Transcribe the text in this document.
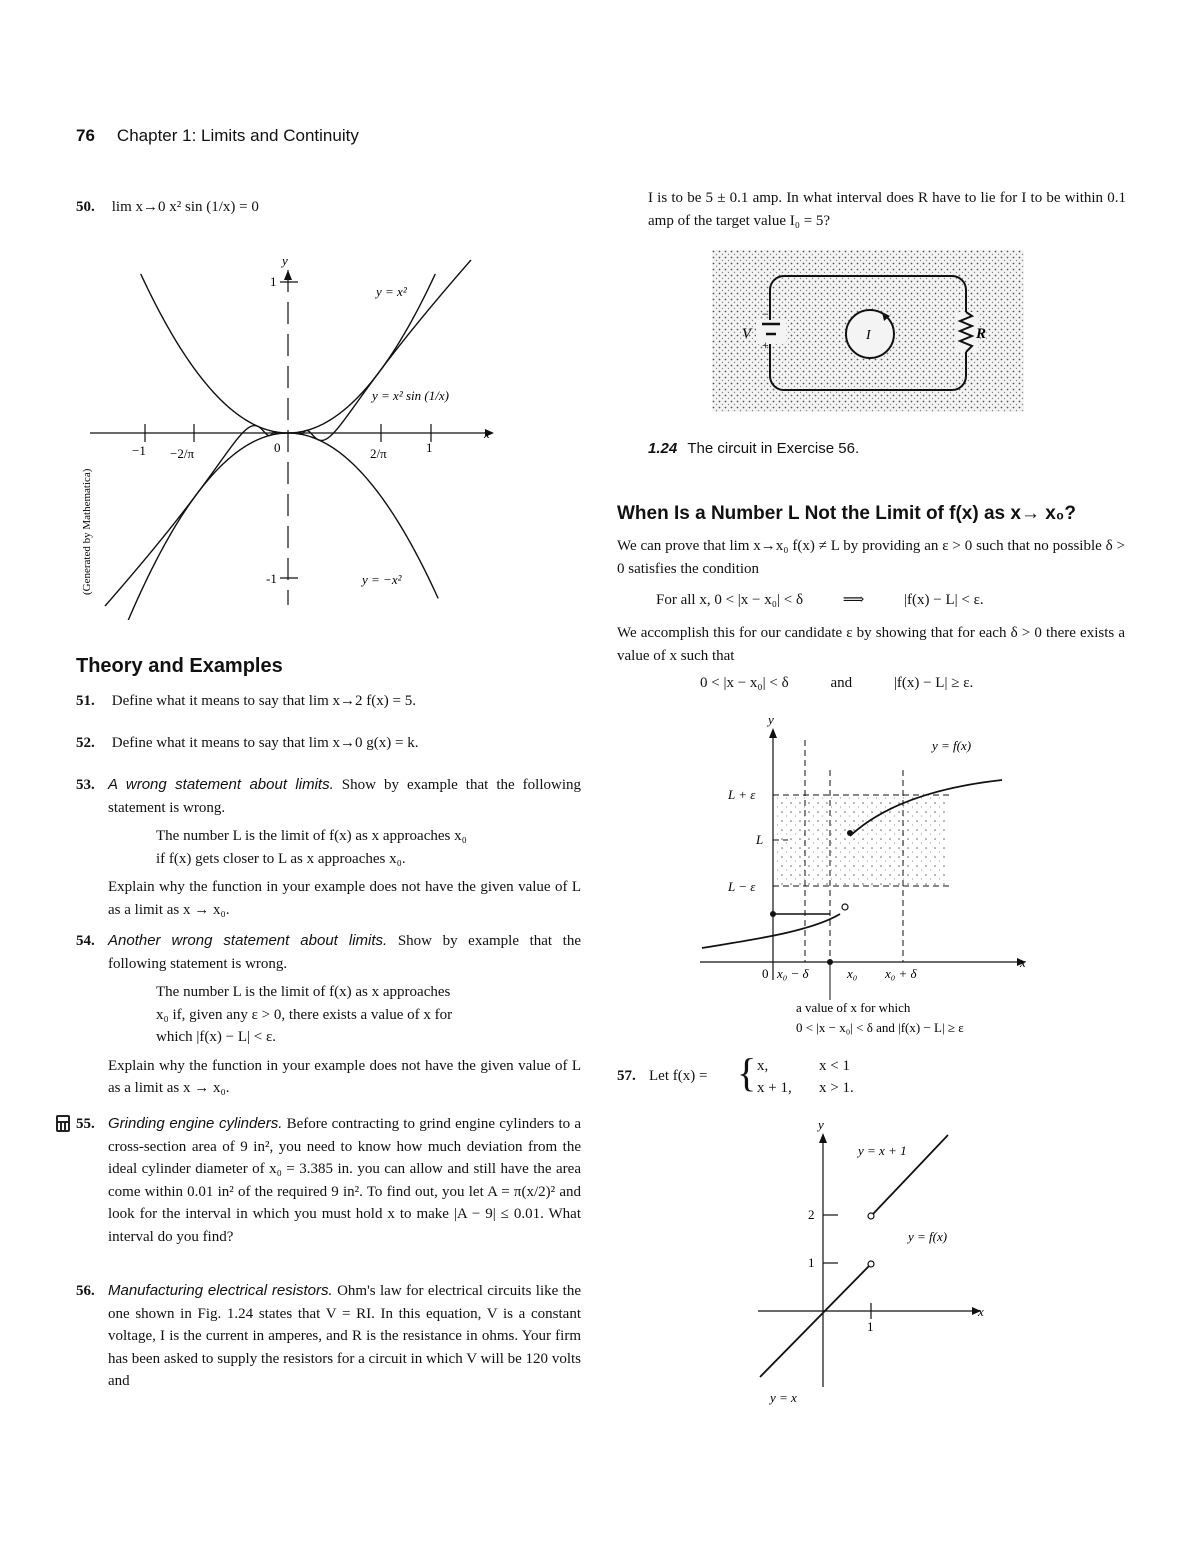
76 Chapter 1: Limits and Continuity
50. lim x→0 x² sin (1/x) = 0
y
x
y = x²
y = x² sin (1/x)
y = −x²
−1 −2/π	0	2/π	1
1
-1
(Generated by Mathematica)
Theory and Examples
51. Define what it means to say that lim x→2 f(x) = 5.
52. Define what it means to say that lim x→0 g(x) = k.
53. A wrong statement about limits. Show by example that the following statement is wrong.
The number L is the limit of f(x) as x approaches x₀
if f(x) gets closer to L as x approaches x₀.
Explain why the function in your example does not have the given value of L as a limit as x → x₀.
54. Another wrong statement about limits. Show by example that the following statement is wrong.
The number L is the limit of f(x) as x approaches
x₀ if, given any ε > 0, there exists a value of x for
which |f(x) − L| < ε.
Explain why the function in your example does not have the given value of L as a limit as x → x₀.
55. Grinding engine cylinders. Before contracting to grind engine cylinders to a cross-section area of 9 in², you need to know how much deviation from the ideal cylinder diameter of x₀ = 3.385 in. you can allow and still have the area come within 0.01 in² of the required 9 in². To find out, you let A = π(x/2)² and look for the interval in which you must hold x to make |A − 9| ≤ 0.01. What interval do you find?
56. Manufacturing electrical resistors. Ohm's law for electrical circuits like the one shown in Fig. 1.24 states that V = RI. In this equation, V is a constant voltage, I is the current in amperes, and R is the resistance in ohms. Your firm has been asked to supply the resistors for a circuit in which V will be 120 volts and
I is to be 5 ± 0.1 amp. In what interval does R have to lie for I to be within 0.1 amp of the target value I₀ = 5?
V
−
+
R
I
1.24 The circuit in Exercise 56.
When Is a Number L Not the Limit of f(x) as x→ x₀?
We can prove that lim x→x₀ f(x) ≠ L by providing an ε > 0 such that no possible δ > 0 satisfies the condition
For all x, 0 < |x − x₀| < δ	⟹	|f(x) − L| < ε.
We accomplish this for our candidate ε by showing that for each δ > 0 there exists a value of x such that
0 < |x − x₀| < δ	and	|f(x) − L| ≥ ε.
y
x
y = f(x)
L + ε
L
L − ε
0 x₀ − δ	x₀ x₀ + δ
a value of x for which
0 < |x − x₀| < δ and |f(x) − L| ≥ ε
57. Let f(x) = { x,	x < 1
x + 1, x > 1.
y
x
y = x + 1
y = f(x)
y = x
2
1
1
